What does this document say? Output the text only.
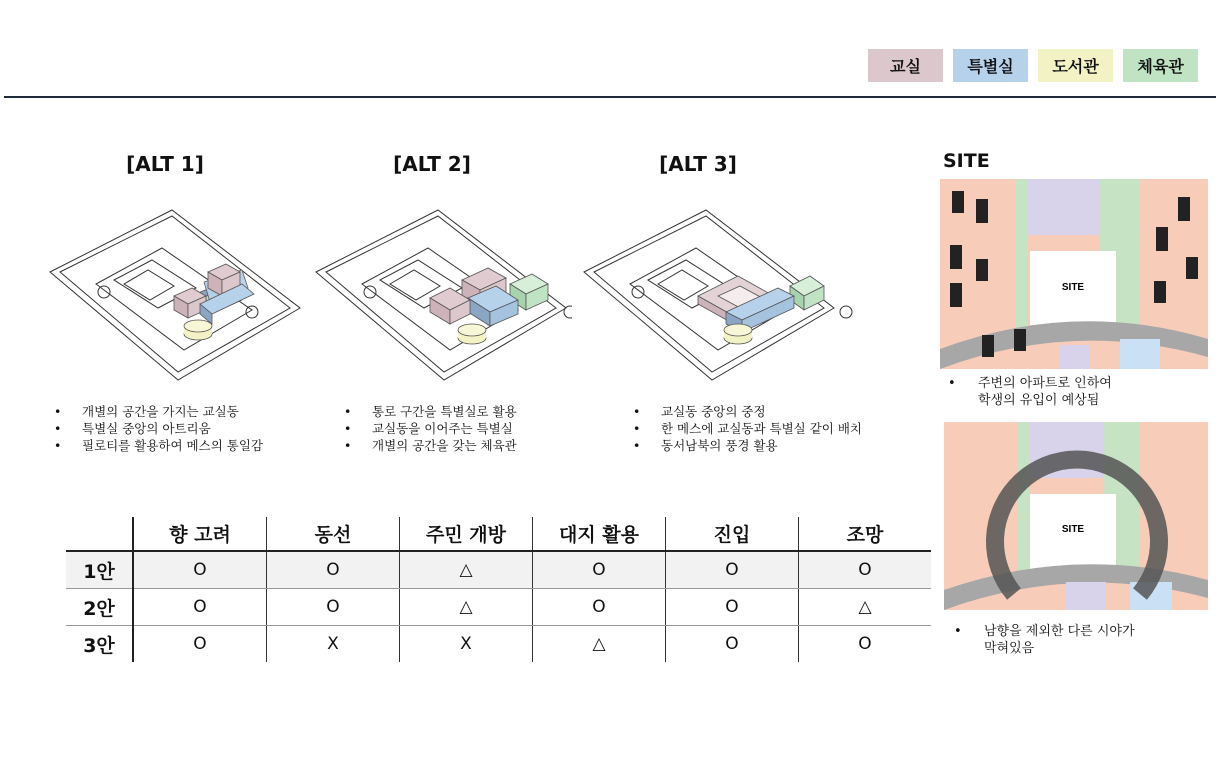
교실	특별실	도서관	체육관
[ALT 1]	[ALT 2]	[ALT 3]
• 개별의 공간을 가지는 교실동
• 특별실 중앙의 아트리움
• 필로티를 활용하여 메스의 통일감
• 통로 구간을 특별실로 활용
• 교실동을 이어주는 특별실
• 개별의 공간을 갖는 체육관
• 교실동 중앙의 중정
• 한 메스에 교실동과 특별실 같이 배치
• 동서남북의 풍경 활용
	향 고려	동선	주민 개방	대지 활용	진입	조망
1안	O	O	△	O	O	O
2안	O	O	△	O	O	△
3안	O	X	X	△	O	O
SITE
SITE
• 주변의 아파트로 인하여
학생의 유입이 예상됨
SITE
• 남향을 제외한 다른 시야가
막혀있음
